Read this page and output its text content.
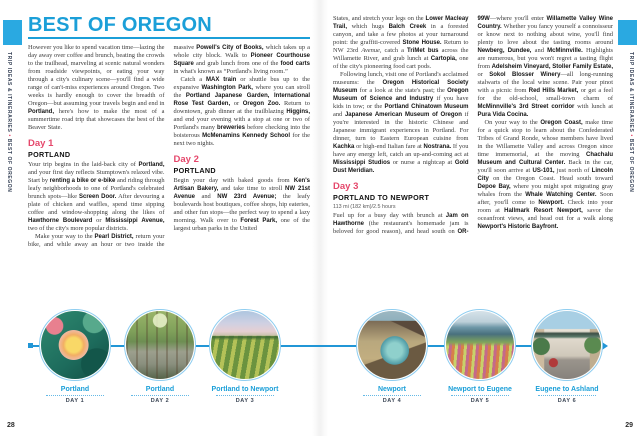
TRIP IDEAS & ITINERARIES • BEST OF OREGON
TRIP IDEAS & ITINERARIES • BEST OF OREGON
BEST OF OREGON

However you like to spend vacation time—lazing the day away over coffee and brunch, beating the crowds to the trailhead, marveling at scenic natural wonders from roadside viewpoints, or eating your way through a city's culinary scene—you'll find a wide range of can't-miss experiences around Oregon. Two weeks is hardly enough to cover the breadth of Oregon—but assuming your travels begin and end in Portland, here's how to make the most of a summertime road trip that showcases the best of the Beaver State.

Day 1
PORTLAND

Your trip begins in the laid-back city of Portland, and your first day reflects Stumptown's relaxed vibe. Start by renting a bike or e-bike and riding through leafy neighborhoods to one of Portland's celebrated brunch spots—like Screen Door. After devouring a plate of chicken and waffles, spend time sipping coffee and window-shopping along the likes of Hawthorne Boulevard or Mississippi Avenue, two of the city's more popular districts.

Make your way to the Pearl District, return your bike, and while away an hour or two inside the massive Powell's City of Books, which takes up a whole city block. Walk to Pioneer Courthouse Square and grab lunch from one of the food carts in what's known as “Portland's living room.”

Catch a MAX train or shuttle bus up to the expansive Washington Park, where you can stroll the Portland Japanese Garden, International Rose Test Garden, or Oregon Zoo. Return to downtown, grab dinner at the trailblazing Higgins, and end your evening with a stop at one or two of Portland's many breweries before checking into the boisterous McMenamins Kennedy School for the next two nights.

Day 2
PORTLAND

Begin your day with baked goods from Ken's Artisan Bakery, and take time to stroll NW 21st Avenue and NW 23rd Avenue; the leafy boulevards host boutiques, coffee shops, hip eateries, and other fun stops—the perfect way to spend a lazy morning. Walk over to Forest Park, one of the largest urban parks in the United

States, and stretch your legs on the Lower Macleay Trail, which hugs Balch Creek in a forested canyon, and take a few photos at your turnaround point: the graffiti-covered Stone House. Return to NW 23rd Avenue, catch a TriMet bus across the Willamette River, and grab lunch at Cartopia, one of the city's pioneering food cart pods.

Following lunch, visit one of Portland's acclaimed museums: the Oregon Historical Society Museum for a look at the state's past; the Oregon Museum of Science and Industry if you have kids in tow; or the Portland Chinatown Museum and Japanese American Museum of Oregon if you're interested in the historic Chinese and Japanese immigrant experiences in Portland. For dinner, turn to Eastern European cuisine from Kachka or high-end Italian fare at Nostrana. If you have any energy left, catch an up-and-coming act at Mississippi Studios or nurse a nightcap at Gold Dust Meridian.

Day 3
PORTLAND TO NEWPORT
113 mi (182 km)/2.5 hours

Fuel up for a busy day with brunch at Jam on Hawthorne (the restaurant's homemade jam is beloved for good reason), and head south on OR-99W—where you'll enter Willamette Valley Wine Country. Whether you fancy yourself a connoisseur or know next to nothing about wine, you'll find plenty to love about the tasting rooms around Newberg, Dundee, and McMinnville. Highlights are numerous, but you won't regret a tasting flight from Adelsheim Vineyard, Stoller Family Estate, or Sokol Blosser Winery—all long-running stalwarts of the local wine scene. Pair your pinot with a picnic from Red Hills Market, or get a feel for the old-school, small-town charm of McMinnville's 3rd Street corridor with lunch at Pura Vida Cocina.

On your way to the Oregon Coast, make time for a quick stop to learn about the Confederated Tribes of Grand Ronde, whose members have lived in the Willamette Valley and across Oregon since time immemorial, at the moving Chachalu Museum and Cultural Center. Back in the car, you'll soon arrive at US-101, just north of Lincoln City on the Oregon Coast. Head south toward Depoe Bay, where you might spot migrating gray whales from the Whale Watching Center. Soon after, you'll come to Newport. Check into your room at Hallmark Resort Newport, savor the oceanfront views, and head out for a walk along Newport's Historic Bayfront.

Portland
DAY 1
Portland
DAY 2
Portland to Newport
DAY 3
Newport
DAY 4
Newport to Eugene
DAY 5
Eugene to Ashland
DAY 6
28	29
